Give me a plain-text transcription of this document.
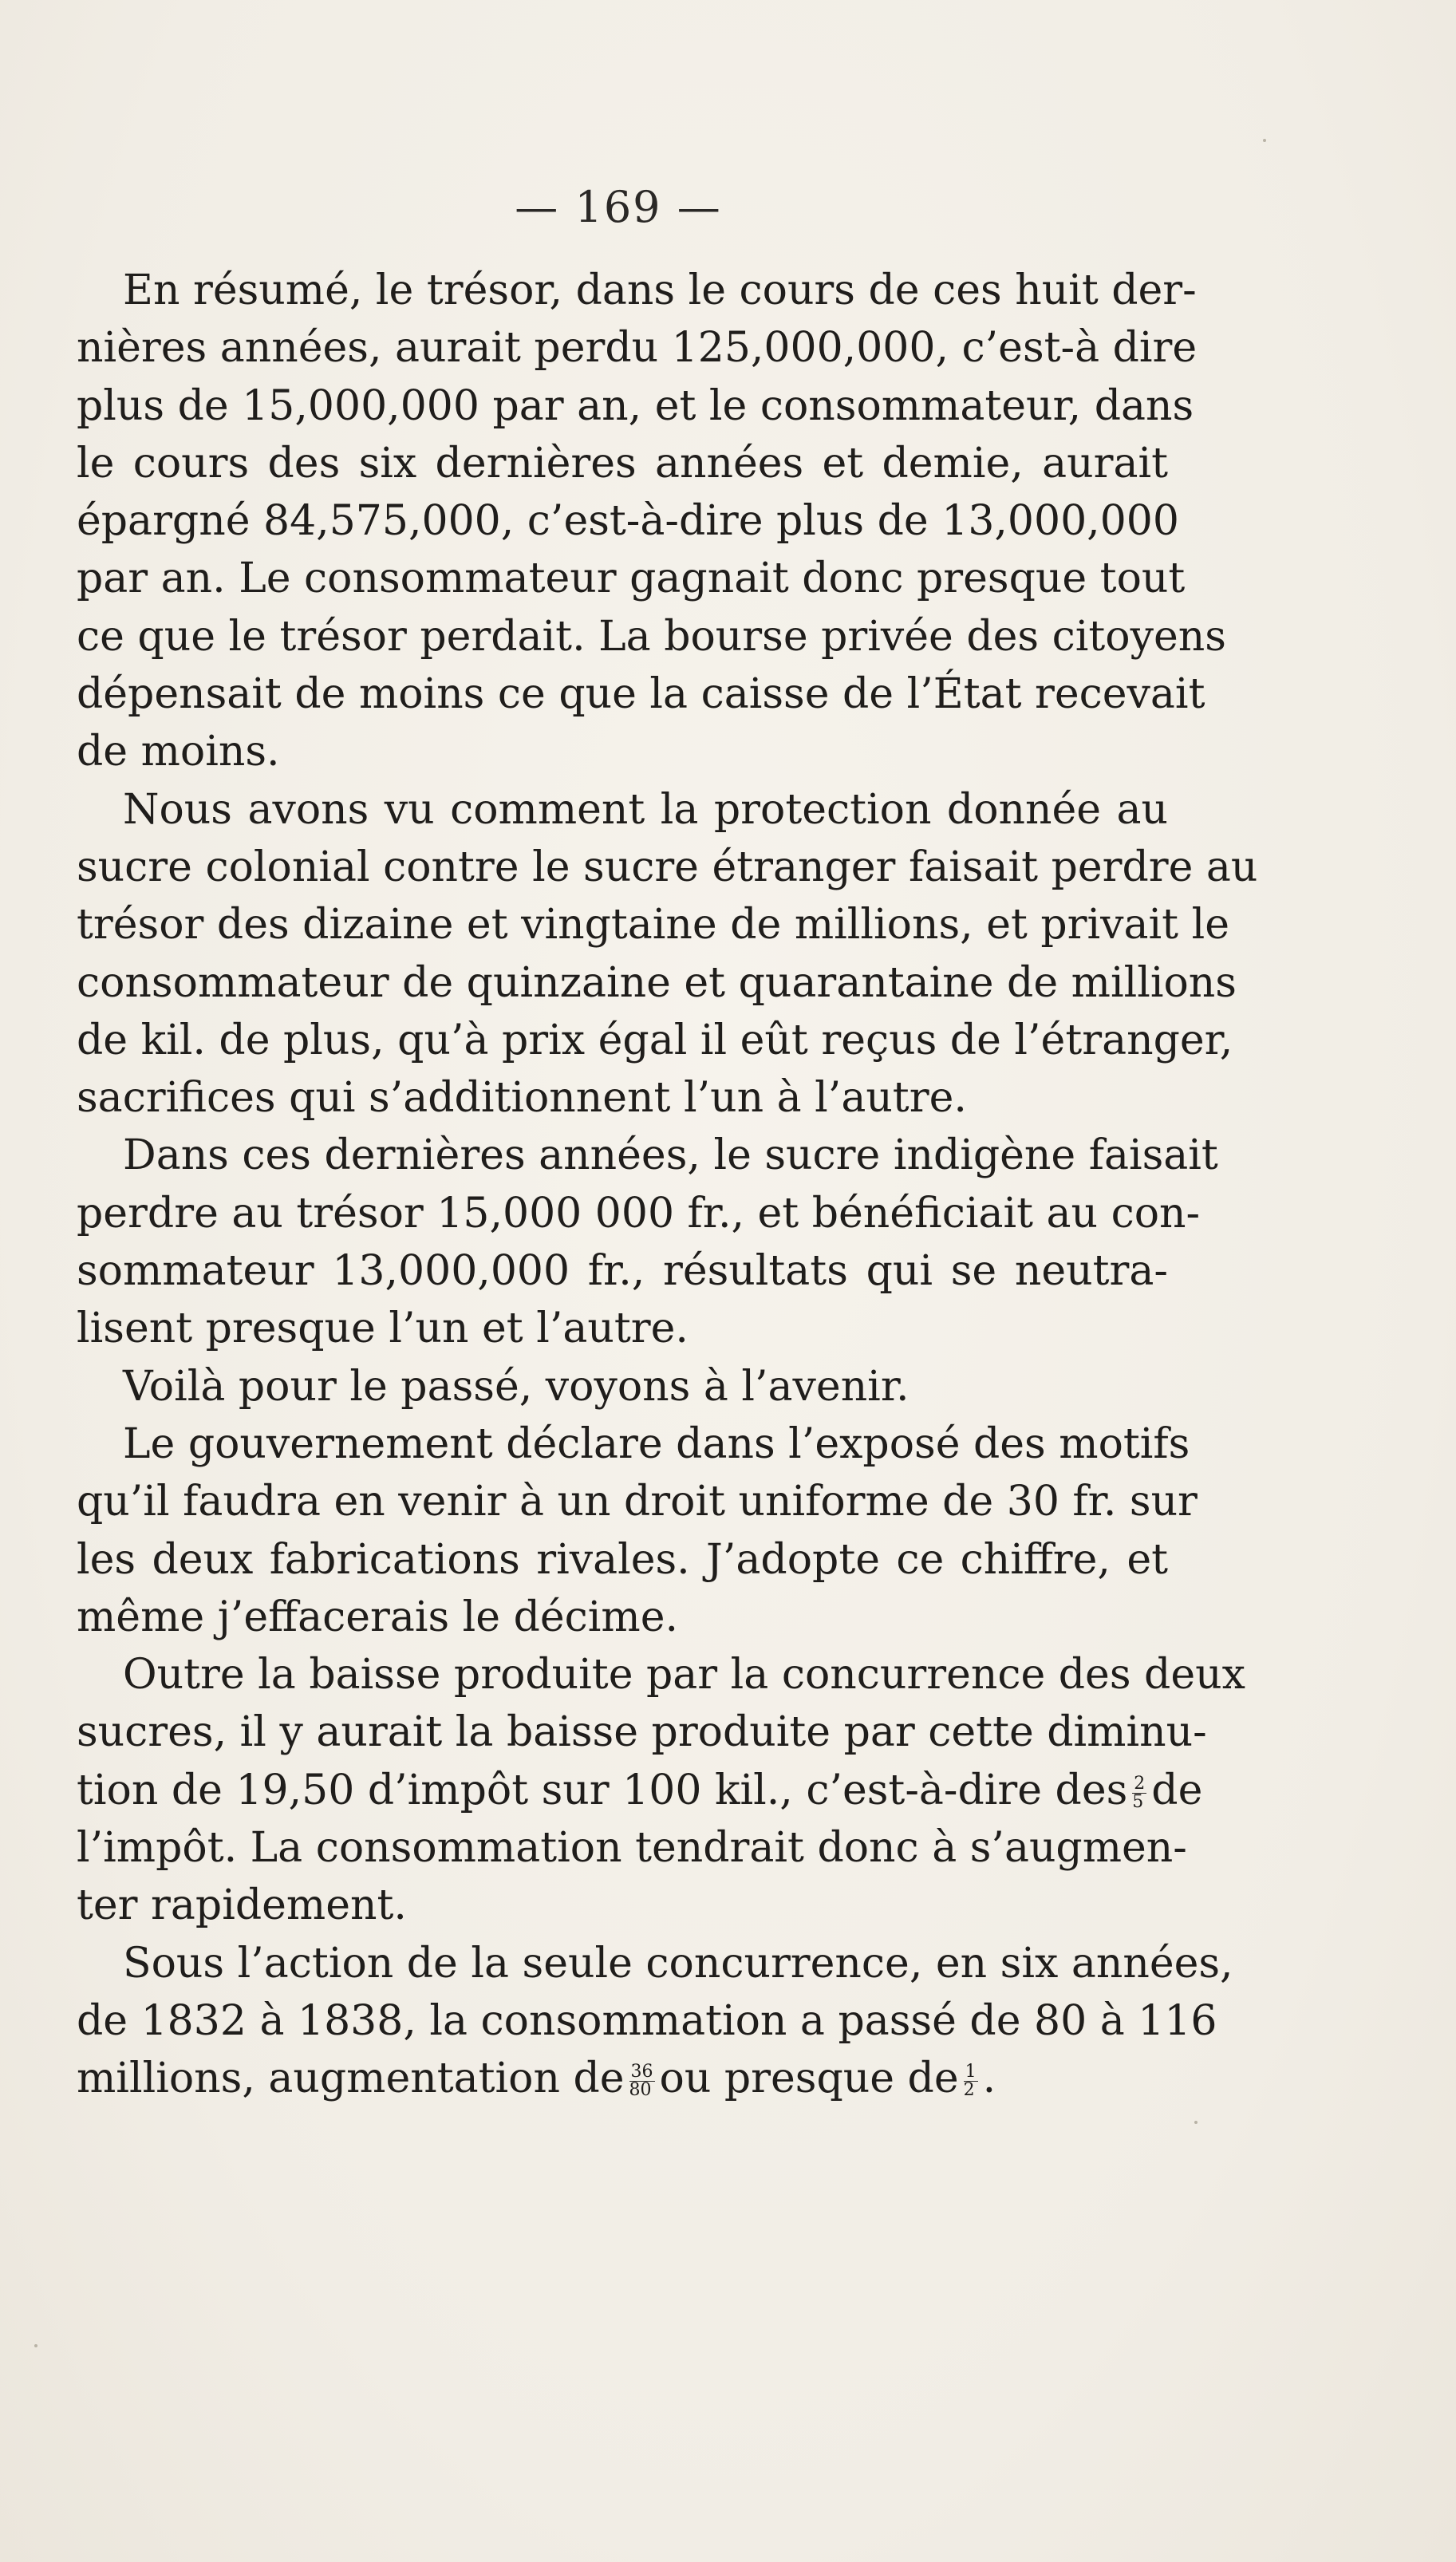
— 169 —
En résumé, le trésor, dans le cours de ces huit der-
nières années, aurait perdu 125,000,000, c’est-à dire
plus de 15,000,000 par an, et le consommateur, dans
le cours des six dernières années et demie, aurait
épargné 84,575,000, c’est-à-dire plus de 13,000,000
par an. Le consommateur gagnait donc presque tout
ce que le trésor perdait. La bourse privée des citoyens
dépensait de moins ce que la caisse de l’État recevait
de moins.
Nous avons vu comment la protection donnée au
sucre colonial contre le sucre étranger faisait perdre au
trésor des dizaine et vingtaine de millions, et privait le
consommateur de quinzaine et quarantaine de millions
de kil. de plus, qu’à prix égal il eût reçus de l’étranger,
sacrifices qui s’additionnent l’un à l’autre.
Dans ces dernières années, le sucre indigène faisait
perdre au trésor 15,000 000 fr., et bénéficiait au con-
sommateur 13,000,000 fr., résultats qui se neutra-
lisent presque l’un et l’autre.
Voilà pour le passé, voyons à l’avenir.
Le gouvernement déclare dans l’exposé des motifs
qu’il faudra en venir à un droit uniforme de 30 fr. sur
les deux fabrications rivales. J’adopte ce chiffre, et
même j’effacerais le décime.
Outre la baisse produite par la concurrence des deux
sucres, il y aurait la baisse produite par cette diminu-
tion de 19,50 d’impôt sur 100 kil., c’est-à-dire des $\frac{2}{5}$ de
l’impôt. La consommation tendrait donc à s’augmen-
ter rapidement.
Sous l’action de la seule concurrence, en six années,
de 1832 à 1838, la consommation a passé de 80 à 116
millions, augmentation de $\frac{36}{80}$ ou presque de $\frac{1}{2}$ .
